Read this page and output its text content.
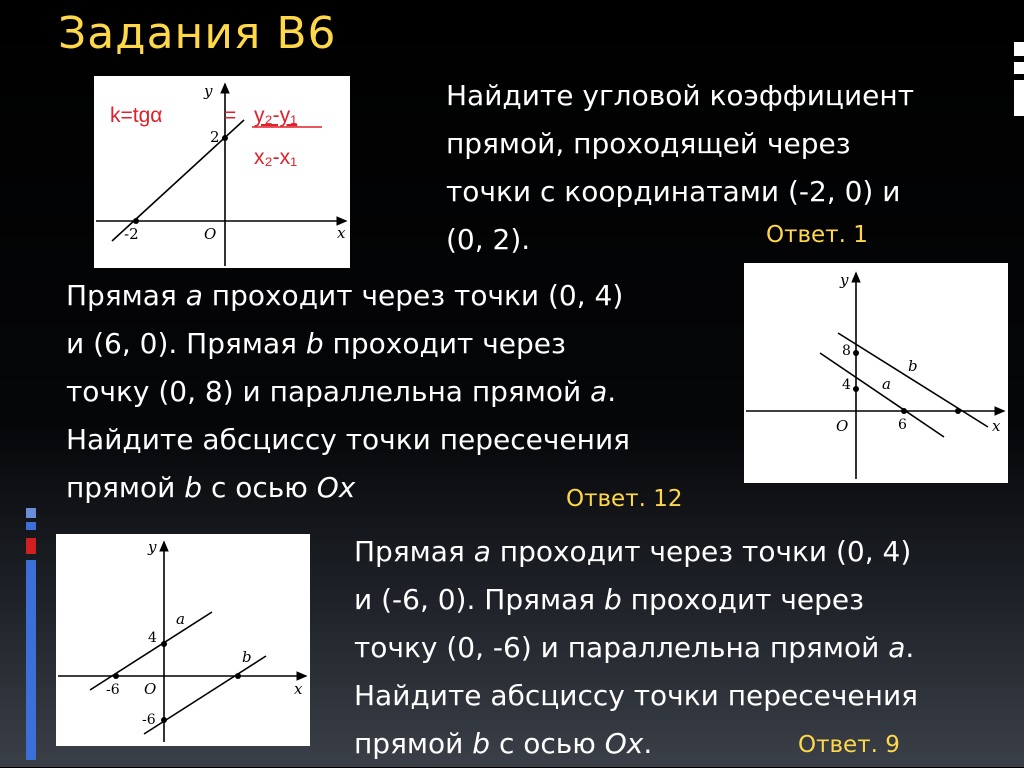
Задания В6
y
x
O
2
-2
k=tgα	= y₂-y₁
x₂-x₁
Найдите угловой коэффициент
прямой, проходящей через
точки с координатами (-2, 0) и
(0, 2).	Ответ. 1
Прямая a проходит через точки (0, 4)
и (6, 0). Прямая b проходит через
точку (0, 8) и параллельна прямой a.
Найдите абсциссу точки пересечения
прямой b с осью Ox	Ответ. 12
y
x
O
8
4
6
a
b
y
x
O
4
-6
-6
a
b
Прямая a проходит через точки (0, 4)
и (-6, 0). Прямая b проходит через
точку (0, -6) и параллельна прямой a.
Найдите абсциссу точки пересечения
прямой b с осью Ox.	Ответ. 9
